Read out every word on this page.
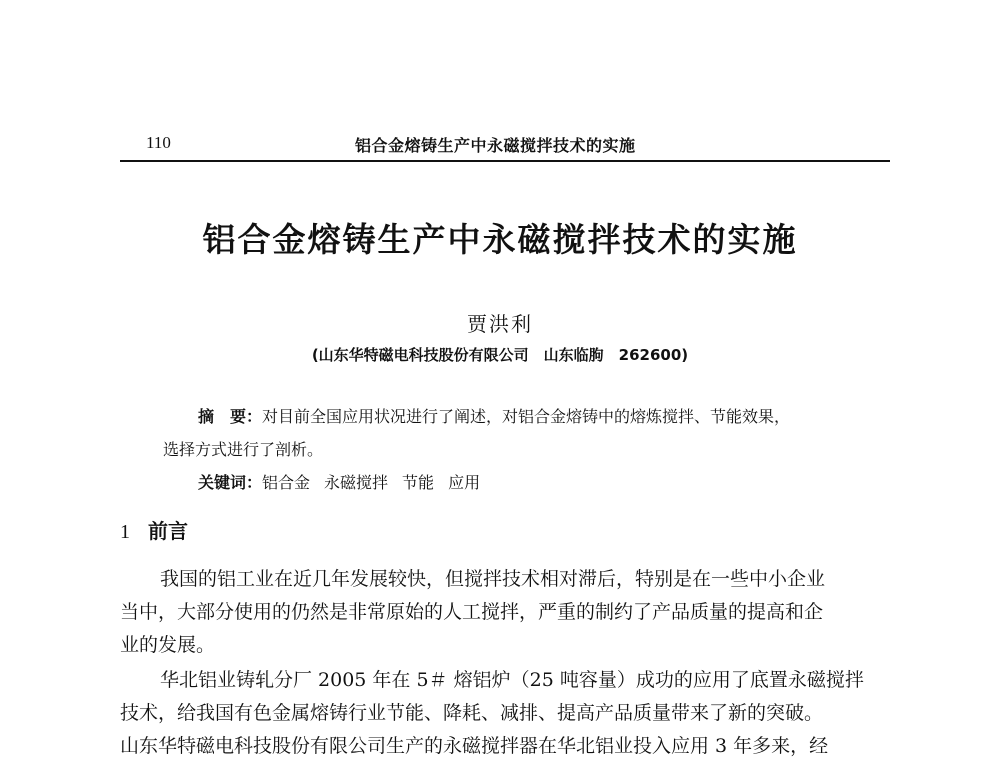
110	铝合金熔铸生产中永磁搅拌技术的实施
铝合金熔铸生产中永磁搅拌技术的实施
贾洪利
(山东华特磁电科技股份有限公司　山东临朐　262600)
摘　要：对目前全国应用状况进行了阐述，对铝合金熔铸中的熔炼搅拌、节能效果，
选择方式进行了剖析。
关键词：铝合金 永磁搅拌 节能 应用
1 前言
我国的铝工业在近几年发展较快，但搅拌技术相对滞后，特别是在一些中小企业
当中，大部分使用的仍然是非常原始的人工搅拌，严重的制约了产品质量的提高和企
业的发展。
华北铝业铸轧分厂 2005 年在 5＃ 熔铝炉（25 吨容量）成功的应用了底置永磁搅拌
技术，给我国有色金属熔铸行业节能、降耗、减排、提高产品质量带来了新的突破。
山东华特磁电科技股份有限公司生产的永磁搅拌器在华北铝业投入应用 3 年多来，经
